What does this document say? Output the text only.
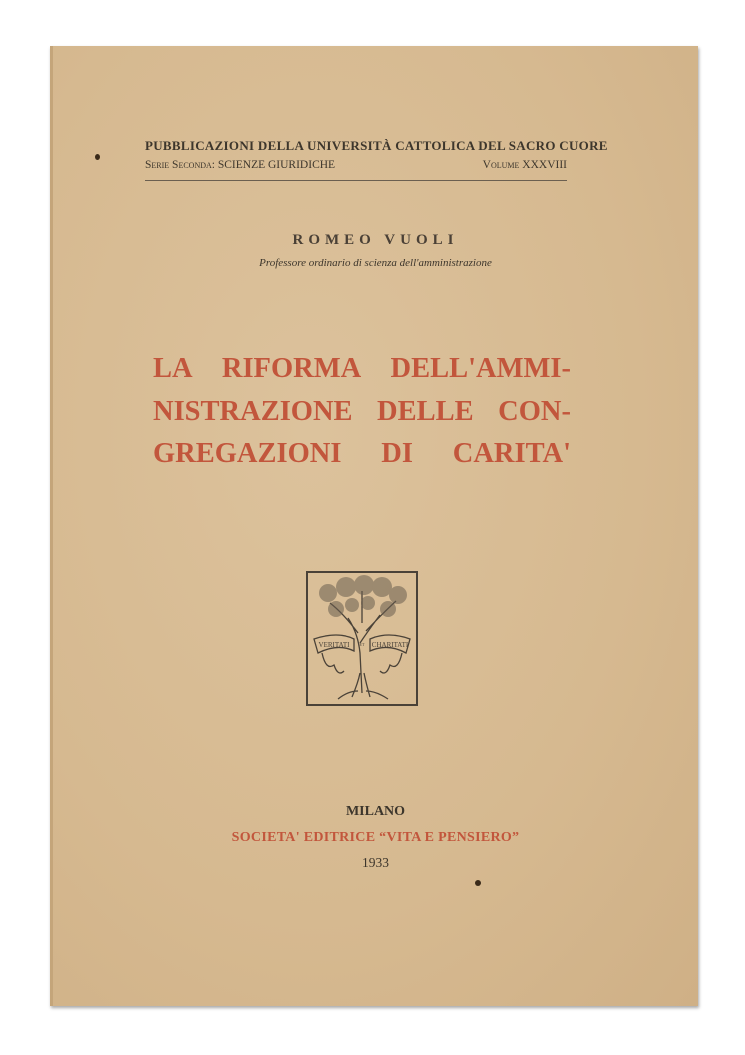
PUBBLICAZIONI DELLA UNIVERSITÀ CATTOLICA DEL SACRO CUORE
Serie Seconda: SCIENZE GIURIDICHE	Volume XXXVIII
ROMEO VUOLI
Professore ordinario di scienza dell'amministrazione
LA RIFORMA DELL'AMMI-
NISTRAZIONE DELLE CON-
GREGAZIONI DI CARITA'
VERITATI	ET CHARITATI
MILANO
SOCIETA' EDITRICE “VITA E PENSIERO”
1933
